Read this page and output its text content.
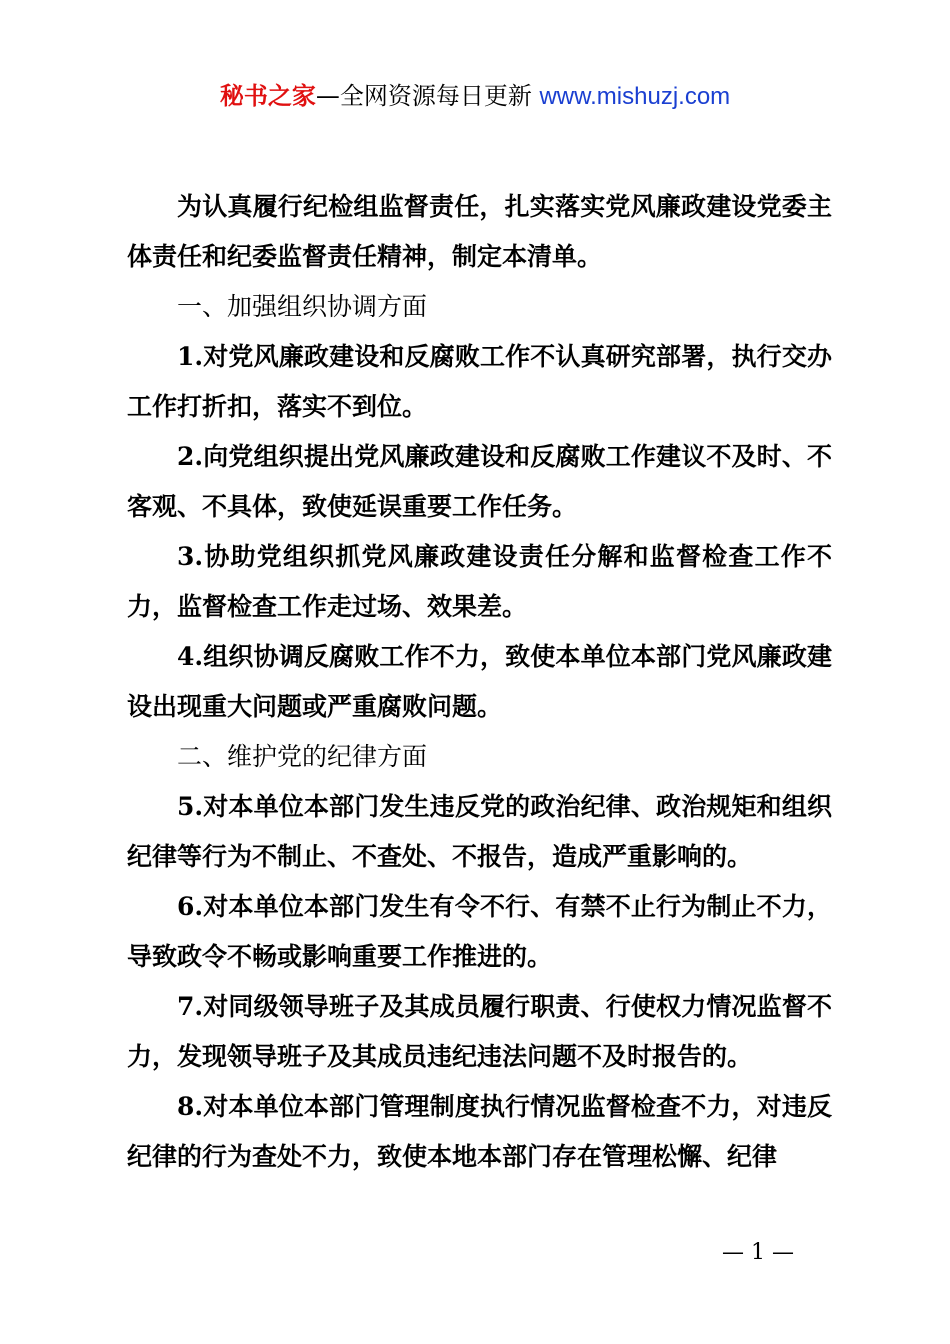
秘书之家—全网资源每日更新 www.mishuzj.com

为认真履行纪检组监督责任，扎实落实党风廉政建设党委主体责任和纪委监督责任精神，制定本清单。

一、加强组织协调方面

1.对党风廉政建设和反腐败工作不认真研究部署，执行交办工作打折扣，落实不到位。

2.向党组织提出党风廉政建设和反腐败工作建议不及时、不客观、不具体，致使延误重要工作任务。

3.协助党组织抓党风廉政建设责任分解和监督检查工作不力，监督检查工作走过场、效果差。

4.组织协调反腐败工作不力，致使本单位本部门党风廉政建设出现重大问题或严重腐败问题。

二、维护党的纪律方面

5.对本单位本部门发生违反党的政治纪律、政治规矩和组织纪律等行为不制止、不查处、不报告，造成严重影响的。

6.对本单位本部门发生有令不行、有禁不止行为制止不力，导致政令不畅或影响重要工作推进的。

7.对同级领导班子及其成员履行职责、行使权力情况监督不力，发现领导班子及其成员违纪违法问题不及时报告的。

8.对本单位本部门管理制度执行情况监督检查不力，对违反纪律的行为查处不力，致使本地本部门存在管理松懈、纪律

— 1 —
